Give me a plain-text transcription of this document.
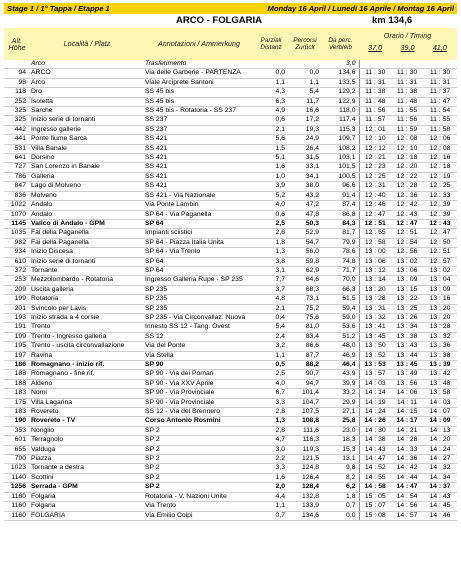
Stage 1 / 1° Tappa / Etappe 1	Monday 16 April / Lunedì 16 Aprile / Montag 16 April
ARCO - FOLGARIA	km 134,6
Alt.
Höhe	Località / Platz	Annotazioni / Ammerkung	Parziali
Distanz
Percorsi
Zurück
Da perc.
Verbleib
Orario / Timing
37,0	39,0	41,0
	Arco	Trasferimento			3,0			
94	ARCO	Via delle Garberie - PARTENZA	0,0	0,0	134,6	11 : 30	11 : 30	11 : 30
98	Arco	Viale Arciprete Santoni	1,1	1,1	133,5	11 : 31	11 : 31	11 : 31
118	Dro	SS 45 bis	4,3	5,4	129,2	11 : 38	11 : 38	11 : 37
252	Isoletta	SS 45 bis	6,3	11,7	122,9	11 : 48	11 : 48	11 : 47
325	Sarche	SS 45 bis - Rotatoria - SS 237	4,9	16,6	118,0	11 : 56	11 : 55	11 : 54
325	Inizio serie di tornanti	SS 237	0,6	17,2	117,4	11 : 57	11 : 56	11 : 55
442	Ingresso gallerie	SS 237	2,1	19,3	115,3	12 : 01	11 : 59	11 : 58
441	Ponte fiume Sarca	SS 421	5,6	24,9	109,7	12 : 10	12 : 08	12 : 06
531	Villa Banale	SS 421	1,5	26,4	108,2	12 : 12	12 : 10	12 : 08
641	Dorsino	SS 421	5,1	31,5	103,1	12 : 21	12 : 18	12 : 16
727	San Lorenzo in Banale	SS 421	1,6	33,1	101,5	12 : 23	12 : 20	12 : 18
786	Galleria	SS 421	1,0	34,1	100,5	12 : 25	12 : 22	12 : 19
847	Lago di Molveno	SS 421	3,9	38,0	96,6	12 : 31	12 : 28	12 : 25
836	Molveno	SS 421 - Via Nazionale	5,2	43,2	91,4	12 : 40	12 : 36	12 : 33
1022	Andalo	Via Ponte Lambin	4,0	47,2	87,4	12 : 46	12 : 42	12 : 39
1070	Andalo	SP 64 - Via Paganella	0,6	47,8	86,8	12 : 47	12 : 43	12 : 39
1145	Valico di Andalo - GPM	SP 64	2,5	50,3	84,3	12 : 51	12 : 47	12 : 43
1035	Fai della Paganella	Impianti sciistici	2,6	52,9	81,7	12 : 55	12 : 51	12 : 47
982	Fai della Paganella	SP 64 - Piazza Italia Unita	1,8	54,7	79,9	12 : 58	12 : 54	12 : 50
934	Inizio Discesa	SP 64 - Via Trento	1,3	56,0	78,6	13 : 00	12 : 56	12 : 51
610	Inizio serie di tornanti	SP 64	3,8	59,8	74,8	13 : 06	13 : 02	12 : 57
372	Tornante	SP 64	3,1	62,9	71,7	13 : 12	13 : 06	13 : 02
253	Mezzolombardo - Rotatoria	Ingresso Galleria Rupe - SP 235	7,7	64,6	70,0	13 : 14	13 : 09	13 : 04
209	Uscita galleria	SP 235	3,7	68,3	66,3	13 : 20	13 : 15	13 : 09
199	Rotatoria	SP 235	4,8	73,1	61,5	13 : 28	13 : 22	13 : 16
201	Svincolo per Lavis	SP 235	2,1	75,2	59,4	13 : 31	13 : 25	13 : 20
193	Inizio strada a 4 corsie	SP 235 - Via Circonvallaz. Nuova	0,4	75,6	59,0	13 : 32	13 : 26	13 : 20
191	Trento	Innesto SS 12 - Tang. Ovest	5,4	81,0	53,6	13 : 41	13 : 34	13 : 28
199	Trento - Ingresso galleria	SS 12	2,4	83,4	51,2	13 : 45	13 : 38	13 : 32
195	Trento - uscita circonvallazione	Via del Ponte	3,2	86,6	48,0	13 : 50	13 : 43	13 : 36
197	Ravina	Via Stella	1,1	87,7	46,9	13 : 52	13 : 44	13 : 38
186	Romagnano - inizio rif.	SP 90	0,5	88,2	46,4	13 : 53	13 : 45	13 : 39
188	Romagnano - fine rif.	SP 90 - Via dei Pomari	2,5	90,7	43,9	13 : 57	13 : 49	13 : 42
188	Aldeno	SP 90 - Via XXV Aprile	4,0	94,7	39,9	14 : 03	13 : 56	13 : 48
183	Nomi	SP 90 - Via Provinciale	6,7	101,4	33,2	14 : 14	14 : 06	13 : 58
175	Villa Lagarina	SP 90 - Via Provinciale	3,3	104,7	29,9	14 : 19	14 : 11	14 : 03
183	Rovereto	SS 12 - Via del Brennero	2,8	107,5	27,1	14 : 24	14 : 15	14 : 07
190	Rovereto - TV	Corso Antonio Rosmini	1,3	108,8	25,8	14 : 26	14 : 17	14 : 09
353	Noriglio	SP 2	2,8	111,6	23,0	14 : 30	14 : 21	14 : 13
601	Terragnolo	SP 2	4,7	116,3	18,3	14 : 38	14 : 28	14 : 20
655	Valduga	SP 2	3,0	119,3	15,3	14 : 43	14 : 33	14 : 24
790	Piazza	SP 2	2,2	121,5	13,1	14 : 47	14 : 36	14 : 27
1023	Tornante a destra	SP 2	3,3	124,8	9,8	14 : 52	14 : 42	14 : 32
1140	Scottini	SP 2	1,6	126,4	8,2	14 : 55	14 : 44	14 : 34
1256	Serrada - GPM	SP 2	2,0	128,4	6,2	14 : 58	14 : 47	14 : 37
1160	Folgaria	Rotatoria - V. Nazioni Unite	4,4	132,8	1,8	15 : 05	14 : 54	14 : 43
1160	Folgaria	Via Trento	1,1	133,9	0,7	15 : 07	14 : 56	14 : 45
1160	FOLGARIA	Via Emilio Colpi	0,7	134,6	0,0	15 : 08	14 : 57	14 : 46
